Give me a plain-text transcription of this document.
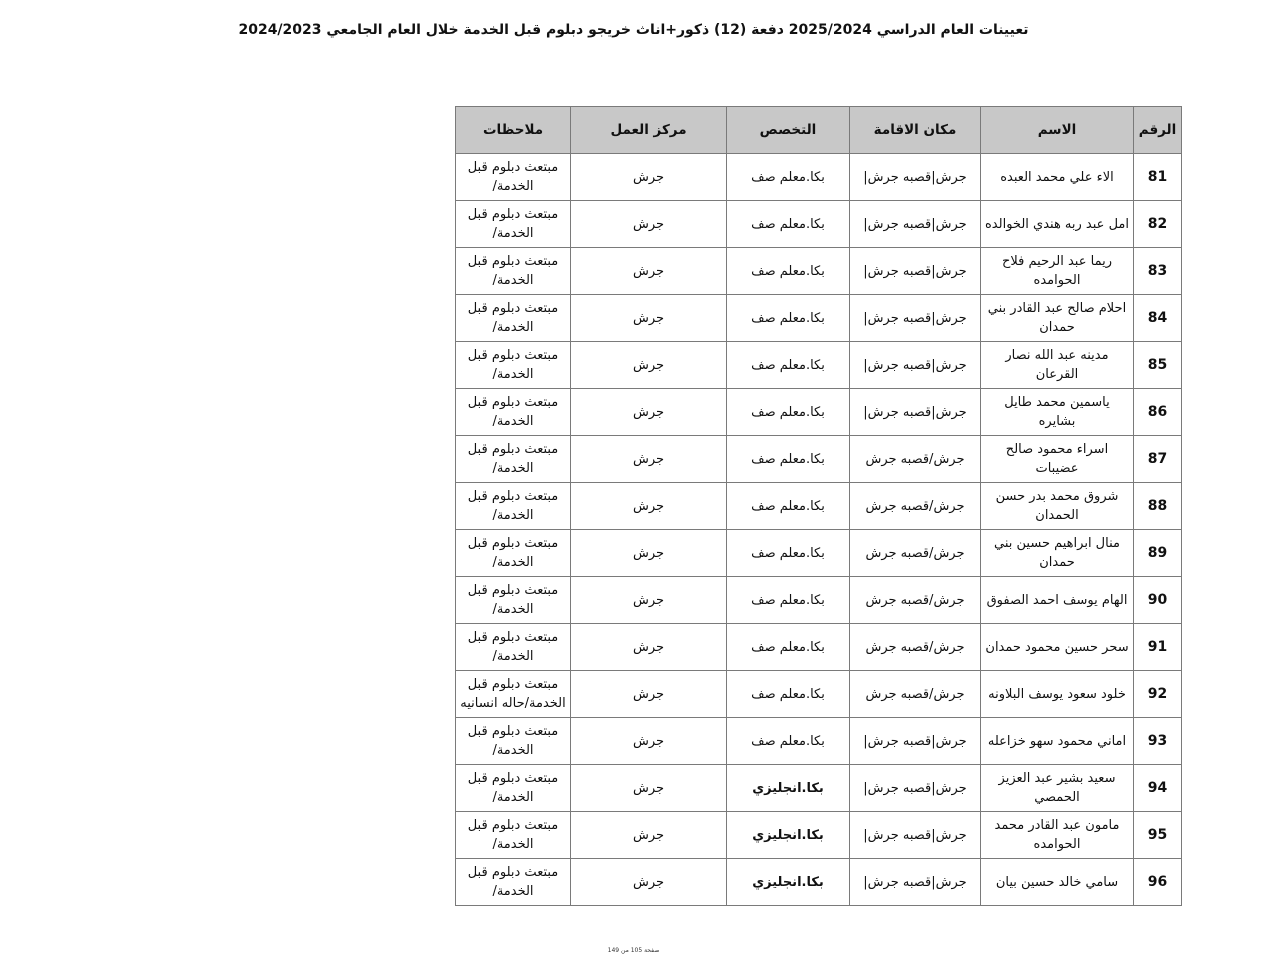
تعيينات العام الدراسي 2025/2024 دفعة (12) ذكور+اناث خريجو دبلوم قبل الخدمة خلال العام الجامعي 2024/2023
الرقم	الاسم	مكان الاقامة	التخصص	مركز العمل	ملاحظات
81	الاء علي محمد العبده	جرش|قصبه جرش|	بكا.معلم صف	جرش	مبتعث دبلوم قبل الخدمة/
82	امل عبد ربه هندي الخوالده	جرش|قصبه جرش|	بكا.معلم صف	جرش	مبتعث دبلوم قبل الخدمة/
83	ريما عبد الرحيم فلاح الحوامده	جرش|قصبه جرش|	بكا.معلم صف	جرش	مبتعث دبلوم قبل الخدمة/
84	احلام صالح عبد القادر بني حمدان	جرش|قصبه جرش|	بكا.معلم صف	جرش	مبتعث دبلوم قبل الخدمة/
85	مدينه عبد الله نصار القرعان	جرش|قصبه جرش|	بكا.معلم صف	جرش	مبتعث دبلوم قبل الخدمة/
86	ياسمين محمد طايل بشايره	جرش|قصبه جرش|	بكا.معلم صف	جرش	مبتعث دبلوم قبل الخدمة/
87	اسراء محمود صالح عضيبات	جرش/قصبه جرش	بكا.معلم صف	جرش	مبتعث دبلوم قبل الخدمة/
88	شروق محمد بدر حسن الحمدان	جرش/قصبه جرش	بكا.معلم صف	جرش	مبتعث دبلوم قبل الخدمة/
89	منال ابراهيم حسين بني حمدان	جرش/قصبه جرش	بكا.معلم صف	جرش	مبتعث دبلوم قبل الخدمة/
90	الهام يوسف احمد الصفوق	جرش/قصبه جرش	بكا.معلم صف	جرش	مبتعث دبلوم قبل الخدمة/
91	سحر حسين محمود حمدان	جرش/قصبه جرش	بكا.معلم صف	جرش	مبتعث دبلوم قبل الخدمة/
92	خلود سعود يوسف البلاونه	جرش/قصبه جرش	بكا.معلم صف	جرش	مبتعث دبلوم قبل الخدمة/حاله انسانيه
93	اماني محمود سهو خزاعله	جرش|قصبه جرش|	بكا.معلم صف	جرش	مبتعث دبلوم قبل الخدمة/
94	سعيد بشير عبد العزيز الحمصي	جرش|قصبه جرش|	بكا.انجليزي	جرش	مبتعث دبلوم قبل الخدمة/
95	مامون عبد القادر محمد الحوامده	جرش|قصبه جرش|	بكا.انجليزي	جرش	مبتعث دبلوم قبل الخدمة/
96	سامي خالد حسين بيان	جرش|قصبه جرش|	بكا.انجليزي	جرش	مبتعث دبلوم قبل الخدمة/
صفحة 105 من 149
